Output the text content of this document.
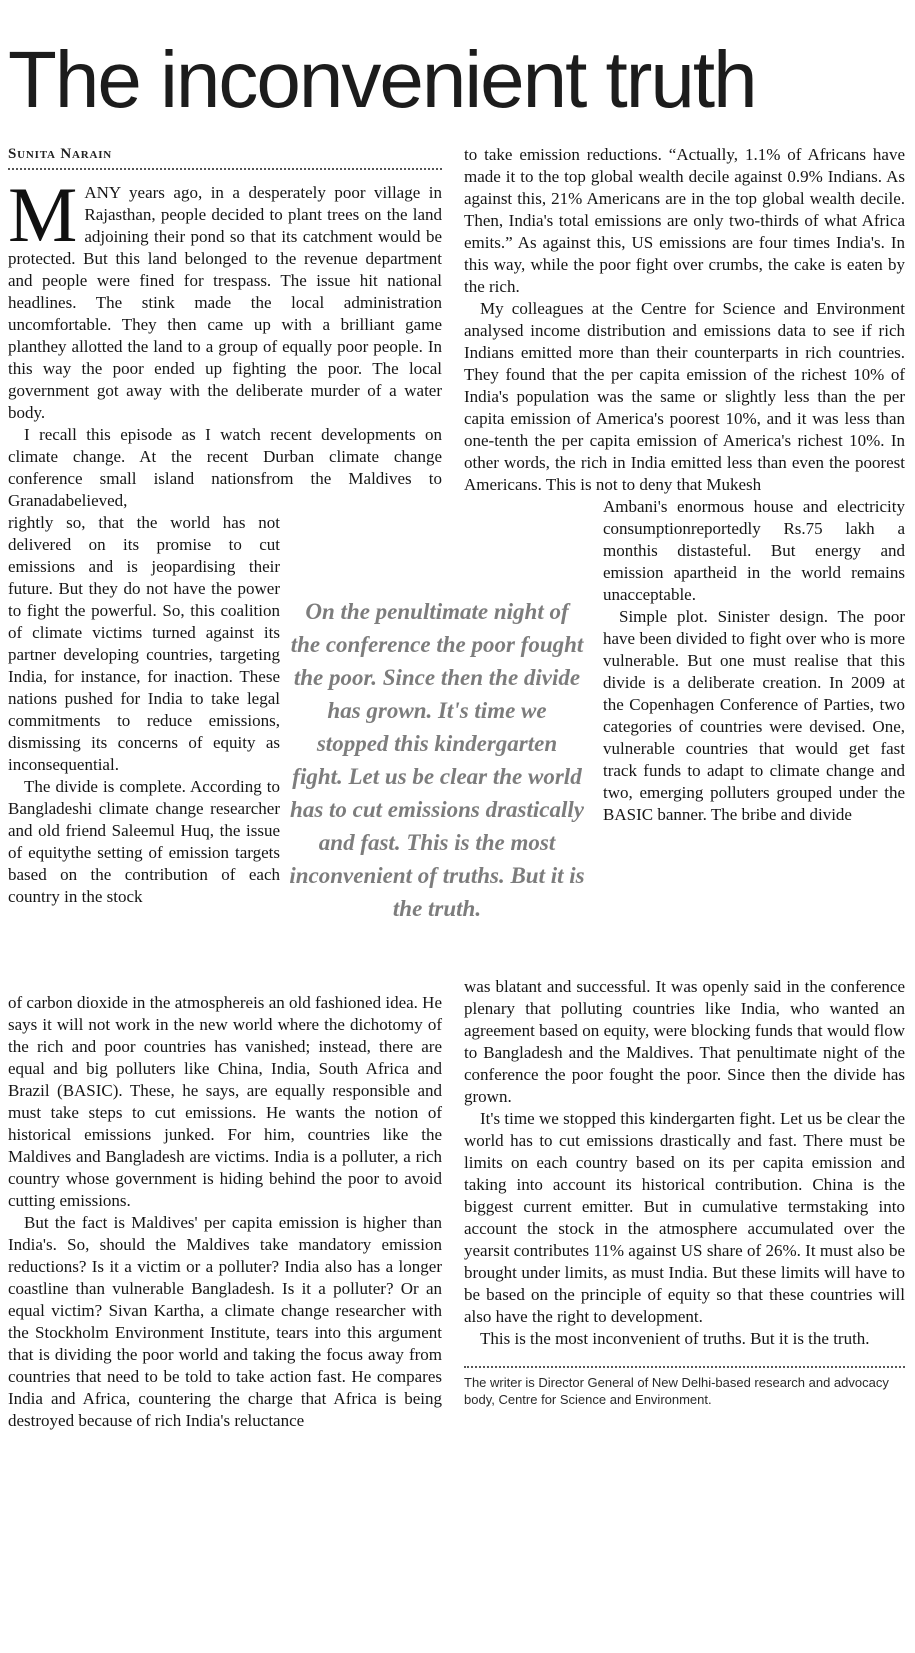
The inconvenient truth
Sunita Narain

MANY years ago, in a desperately poor village in Rajasthan, people decided to plant trees on the land adjoining their pond so that its catchment would be protected. But this land belonged to the revenue department and people were fined for trespass. The issue hit national headlines. The stink made the local administration uncomfortable. They then came up with a brilliant game planthey allotted the land to a group of equally poor people. In this way the poor ended up fighting the poor. The local government got away with the deliberate murder of a water body.

I recall this episode as I watch recent developments on climate change. At the recent Durban climate change conference small island nationsfrom the Maldives to Granadabelieved,

rightly so, that the world has not delivered on its promise to cut emissions and is jeopardising their future. But they do not have the power to fight the powerful. So, this coalition of climate victims turned against its partner developing countries, targeting India, for instance, for inaction. These nations pushed for India to take legal commitments to reduce emissions, dismissing its concerns of equity as inconsequential.

The divide is complete. According to Bangladeshi climate change researcher and old friend Saleemul Huq, the issue of equitythe setting of emission targets based on the contribution of each country in the stock

of carbon dioxide in the atmosphereis an old fashioned idea. He says it will not work in the new world where the dichotomy of the rich and poor countries has vanished; instead, there are equal and big polluters like China, India, South Africa and Brazil (BASIC). These, he says, are equally responsible and must take steps to cut emissions. He wants the notion of historical emissions junked. For him, countries like the Maldives and Bangladesh are victims. India is a polluter, a rich country whose government is hiding behind the poor to avoid cutting emissions.

But the fact is Maldives' per capita emission is higher than India's. So, should the Maldives take mandatory emission reductions? Is it a victim or a polluter? India also has a longer coastline than vulnerable Bangladesh. Is it a polluter? Or an equal victim? Sivan Kartha, a climate change researcher with the Stockholm Environment Institute, tears into this argument that is dividing the poor world and taking the focus away from countries that need to be told to take action fast. He compares India and Africa, countering the charge that Africa is being destroyed because of rich India's reluctance

to take emission reductions. “Actually, 1.1% of Africans have made it to the top global wealth decile against 0.9% Indians. As against this, 21% Americans are in the top global wealth decile. Then, India's total emissions are only two-thirds of what Africa emits.” As against this, US emissions are four times India's. In this way, while the poor fight over crumbs, the cake is eaten by the rich.

My colleagues at the Centre for Science and Environment analysed income distribution and emissions data to see if rich Indians emitted more than their counterparts in rich countries. They found that the per capita emission of the richest 10% of India's population was the same or slightly less than the per capita emission of America's poorest 10%, and it was less than one-tenth the per capita emission of America's richest 10%. In other words, the rich in India emitted less than even the poorest Americans. This is not to deny that Mukesh

Ambani's enormous house and electricity consumptionreportedly Rs.75 lakh a monthis distasteful. But energy and emission apartheid in the world remains unacceptable.

Simple plot. Sinister design. The poor have been divided to fight over who is more vulnerable. But one must realise that this divide is a deliberate creation. In 2009 at the Copenhagen Conference of Parties, two categories of countries were devised. One, vulnerable countries that would get fast track funds to adapt to climate change and two, emerging polluters grouped under the BASIC banner. The bribe and divide

was blatant and successful. It was openly said in the conference plenary that polluting countries like India, who wanted an agreement based on equity, were blocking funds that would flow to Bangladesh and the Maldives. That penultimate night of the conference the poor fought the poor. Since then the divide has grown.

It's time we stopped this kindergarten fight. Let us be clear the world has to cut emissions drastically and fast. There must be limits on each country based on its per capita emission and taking into account its historical contribution. China is the biggest current emitter. But in cumulative termstaking into account the stock in the atmosphere accumulated over the yearsit contributes 11% against US share of 26%. It must also be brought under limits, as must India. But these limits will have to be based on the principle of equity so that these countries will also have the right to development.

This is the most inconvenient of truths. But it is the truth.

The writer is Director General of New Delhi-based research and advocacy body, Centre for Science and Environment.

On the penultimate night of the conference the poor fought the poor. Since then the divide has grown. It's time we stopped this kindergarten fight. Let us be clear the world has to cut emissions drastically and fast. This is the most inconvenient of truths. But it is the truth.
